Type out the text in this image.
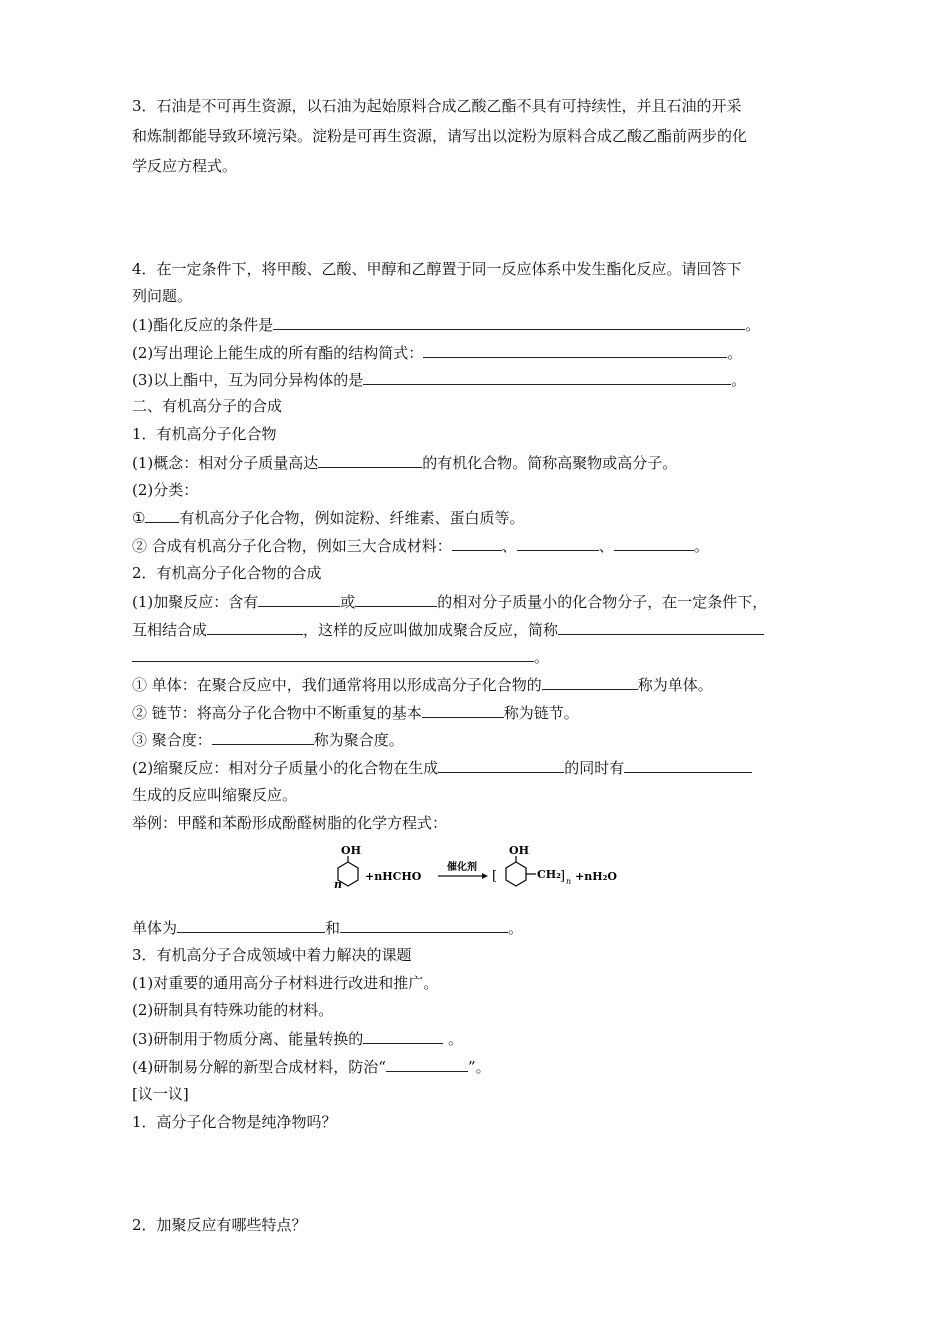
3．石油是不可再生资源，以石油为起始原料合成乙酸乙酯不具有可持续性，并且石油的开采
和炼制都能导致环境污染。淀粉是可再生资源，请写出以淀粉为原料合成乙酸乙酯前两步的化
学反应方程式。
4．在一定条件下，将甲酸、乙酸、甲醇和乙醇置于同一反应体系中发生酯化反应。请回答下
列问题。
(1)酯化反应的条件是	。
(2)写出理论上能生成的所有酯的结构简式：	。
(3)以上酯中，互为同分异构体的是	。
二、有机高分子的合成
1．有机高分子化合物
(1)概念：相对分子质量高达	的有机化合物。简称高聚物或高分子。
(2)分类：
① 有机高分子化合物，例如淀粉、纤维素、蛋白质等。
② 合成有机高分子化合物，例如三大合成材料：	、	、	。
2．有机高分子化合物的合成
(1)加聚反应：含有	或	的相对分子质量小的化合物分子，在一定条件下，
互相结合成	，这样的反应叫做加成聚合反应，简称
。
① 单体：在聚合反应中，我们通常将用以形成高分子化合物的	称为单体。
② 链节：将高分子化合物中不断重复的基本	称为链节。
③ 聚合度：	称为聚合度。
(2)缩聚反应：相对分子质量小的化合物在生成	的同时有
生成的反应叫缩聚反应。
举例：甲醛和苯酚形成酚醛树脂的化学方程式：
n
OH
+nHCHO
催化剂
[
OH
CH₂ ] n +nH₂O
单体为	和	。
3．有机高分子合成领域中着力解决的课题
(1)对重要的通用高分子材料进行改进和推广。
(2)研制具有特殊功能的材料。
(3)研制用于物质分离、能量转换的	。
(4)研制易分解的新型合成材料，防治“	”。
[议一议]
1．高分子化合物是纯净物吗？
2．加聚反应有哪些特点？
